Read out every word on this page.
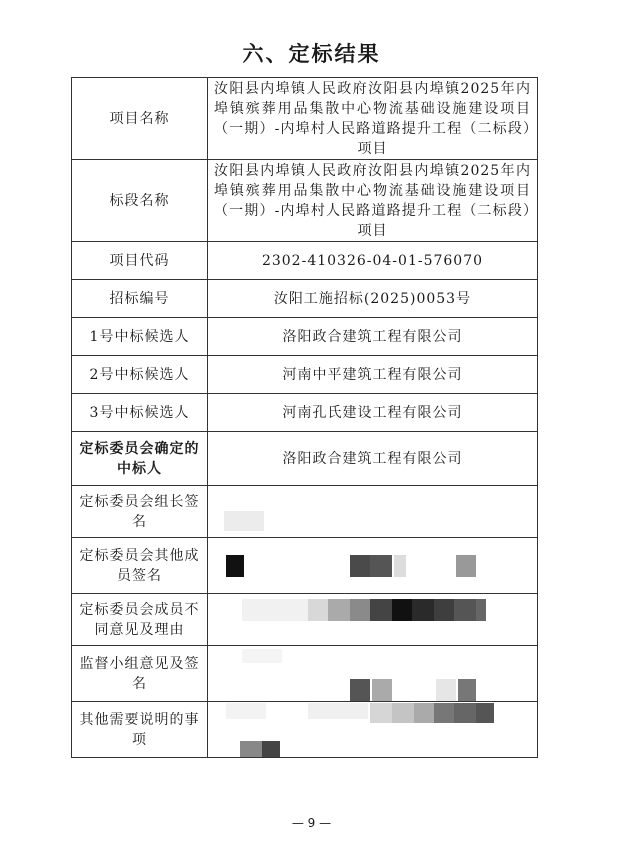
六、定标结果
项目名称	汝阳县内埠镇人民政府汝阳县内埠镇2025年内埠镇殡葬用品集散中心物流基础设施建设项目（一期）-内埠村人民路道路提升工程（二标段）项目
标段名称	汝阳县内埠镇人民政府汝阳县内埠镇2025年内埠镇殡葬用品集散中心物流基础设施建设项目（一期）-内埠村人民路道路提升工程（二标段）项目
项目代码	2302-410326-04-01-576070
招标编号	汝阳工施招标(2025)0053号
1号中标候选人	洛阳政合建筑工程有限公司
2号中标候选人	河南中平建筑工程有限公司
3号中标候选人	河南孔氏建设工程有限公司
定标委员会确定的中标人	洛阳政合建筑工程有限公司
定标委员会组长签名	

定标委员会其他成员签名	

定标委员会成员不同意见及理由	

监督小组意见及签名	

其他需要说明的事项	
— 9 —
